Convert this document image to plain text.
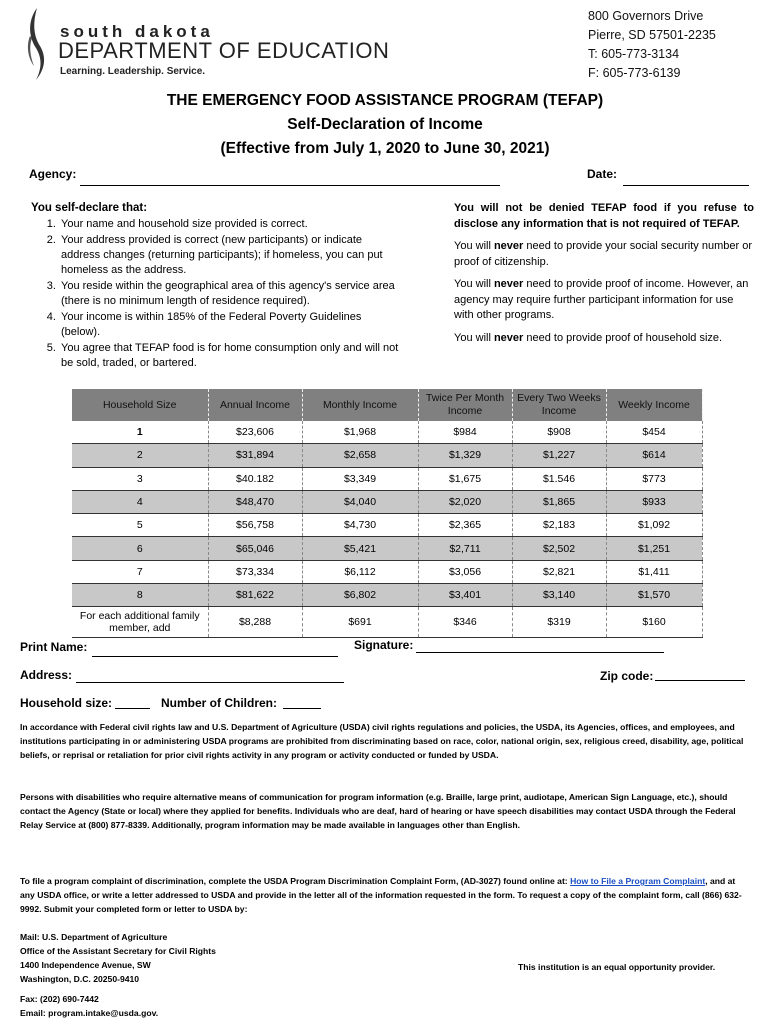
south dakota
DEPARTMENT OF EDUCATION
Learning. Leadership. Service.
800 Governors Drive
Pierre, SD 57501-2235
T: 605-773-3134
F: 605-773-6139
THE EMERGENCY FOOD ASSISTANCE PROGRAM (TEFAP)
Self-Declaration of Income
(Effective from July 1, 2020 to June 30, 2021)
Agency:	Date:
You self-declare that:
1. Your name and household size provided is correct.
2. Your address provided is correct (new participants) or indicate address changes (returning participants); if homeless, you can put homeless as the address.
3. You reside within the geographical area of this agency's service area (there is no minimum length of residence required).
4. Your income is within 185% of the Federal Poverty Guidelines (below).
5. You agree that TEFAP food is for home consumption only and will not be sold, traded, or bartered.

You will not be denied TEFAP food if you refuse to disclose any information that is not required of TEFAP.

You will never need to provide your social security number or proof of citizenship.

You will never need to provide proof of income. However, an agency may require further participant information for use with other programs.

You will never need to provide proof of household size.

Household Size	Annual Income	Monthly Income	Twice Per Month Income	Every Two Weeks Income	Weekly Income
1	$23,606	$1,968	$984	$908	$454
2	$31,894	$2,658	$1,329	$1,227	$614
3	$40.182	$3,349	$1,675	$1.546	$773
4	$48,470	$4,040	$2,020	$1,865	$933
5	$56,758	$4,730	$2,365	$2,183	$1,092
6	$65,046	$5,421	$2,711	$2,502	$1,251
7	$73,334	$6,112	$3,056	$2,821	$1,411
8	$81,622	$6,802	$3,401	$3,140	$1,570
For each additional family member, add	$8,288	$691	$346	$319	$160
Print Name:	Signature:
Address:	Zip code:
Household size:	Number of Children:
In accordance with Federal civil rights law and U.S. Department of Agriculture (USDA) civil rights regulations and policies, the USDA, its Agencies, offices, and employees, and institutions participating in or administering USDA programs are prohibited from discriminating based on race, color, national origin, sex, religious creed, disability, age, political beliefs, or reprisal or retaliation for prior civil rights activity in any program or activity conducted or funded by USDA.
Persons with disabilities who require alternative means of communication for program information (e.g. Braille, large print, audiotape, American Sign Language, etc.), should contact the Agency (State or local) where they applied for benefits. Individuals who are deaf, hard of hearing or have speech disabilities may contact USDA through the Federal Relay Service at (800) 877-8339. Additionally, program information may be made available in languages other than English.
To file a program complaint of discrimination, complete the USDA Program Discrimination Complaint Form, (AD-3027) found online at: How to File a Program Complaint, and at any USDA office, or write a letter addressed to USDA and provide in the letter all of the information requested in the form. To request a copy of the complaint form, call (866) 632-9992. Submit your completed form or letter to USDA by:
Mail: U.S. Department of Agriculture
Office of the Assistant Secretary for Civil Rights
1400 Independence Avenue, SW
Washington, D.C. 20250-9410
This institution is an equal opportunity provider.
Fax: (202) 690-7442
Email: program.intake@usda.gov.
